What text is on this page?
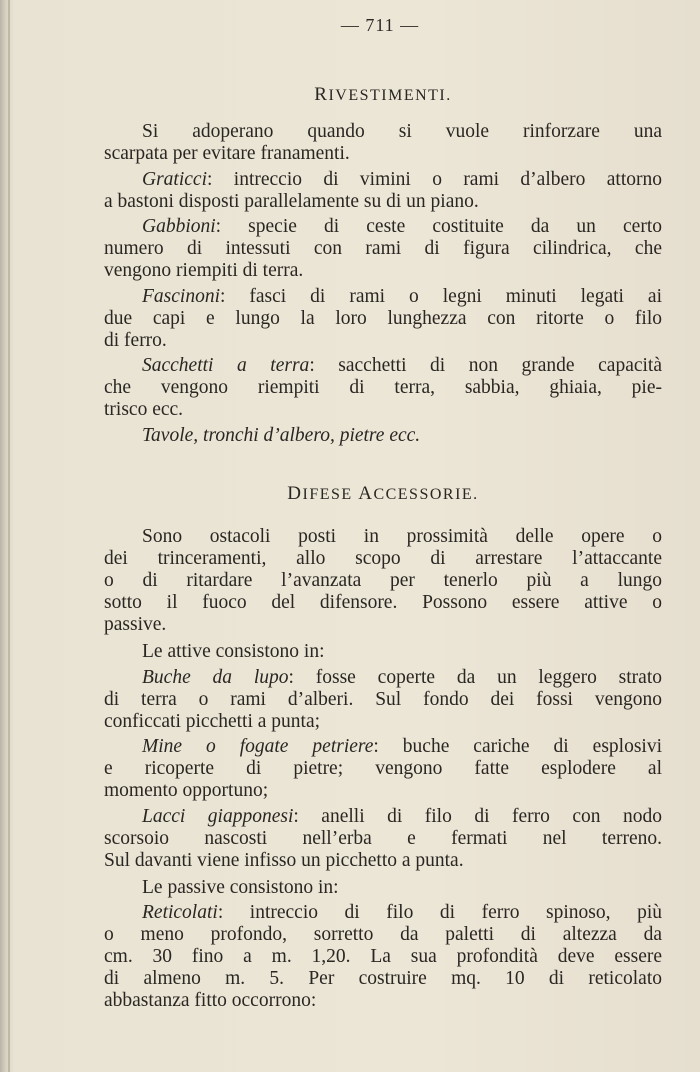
— 711 —
RIVESTIMENTI.
Si adoperano quando si vuole rinforzare una
scarpata per evitare franamenti.
Graticci: intreccio di vimini o rami d’albero attorno
a bastoni disposti parallelamente su di un piano.
Gabbioni: specie di ceste costituite da un certo
numero di intessuti con rami di figura cilindrica, che
vengono riempiti di terra.
Fascinoni: fasci di rami o legni minuti legati ai
due capi e lungo la loro lunghezza con ritorte o filo
di ferro.
Sacchetti a terra: sacchetti di non grande capacità
che vengono riempiti di terra, sabbia, ghiaia, pie-
trisco ecc.
Tavole, tronchi d’albero, pietre ecc.
DIFESE ACCESSORIE.
Sono ostacoli posti in prossimità delle opere o
dei trinceramenti, allo scopo di arrestare l’attaccante
o di ritardare l’avanzata per tenerlo più a lungo
sotto il fuoco del difensore. Possono essere attive o
passive.
Le attive consistono in:
Buche da lupo: fosse coperte da un leggero strato
di terra o rami d’alberi. Sul fondo dei fossi vengono
conficcati picchetti a punta;
Mine o fogate petriere: buche cariche di esplosivi
e ricoperte di pietre; vengono fatte esplodere al
momento opportuno;
Lacci giapponesi: anelli di filo di ferro con nodo
scorsoio nascosti nell’erba e fermati nel terreno.
Sul davanti viene infisso un picchetto a punta.
Le passive consistono in:
Reticolati: intreccio di filo di ferro spinoso, più
o meno profondo, sorretto da paletti di altezza da
cm. 30 fino a m. 1,20. La sua profondità deve essere
di almeno m. 5. Per costruire mq. 10 di reticolato
abbastanza fitto occorrono:
